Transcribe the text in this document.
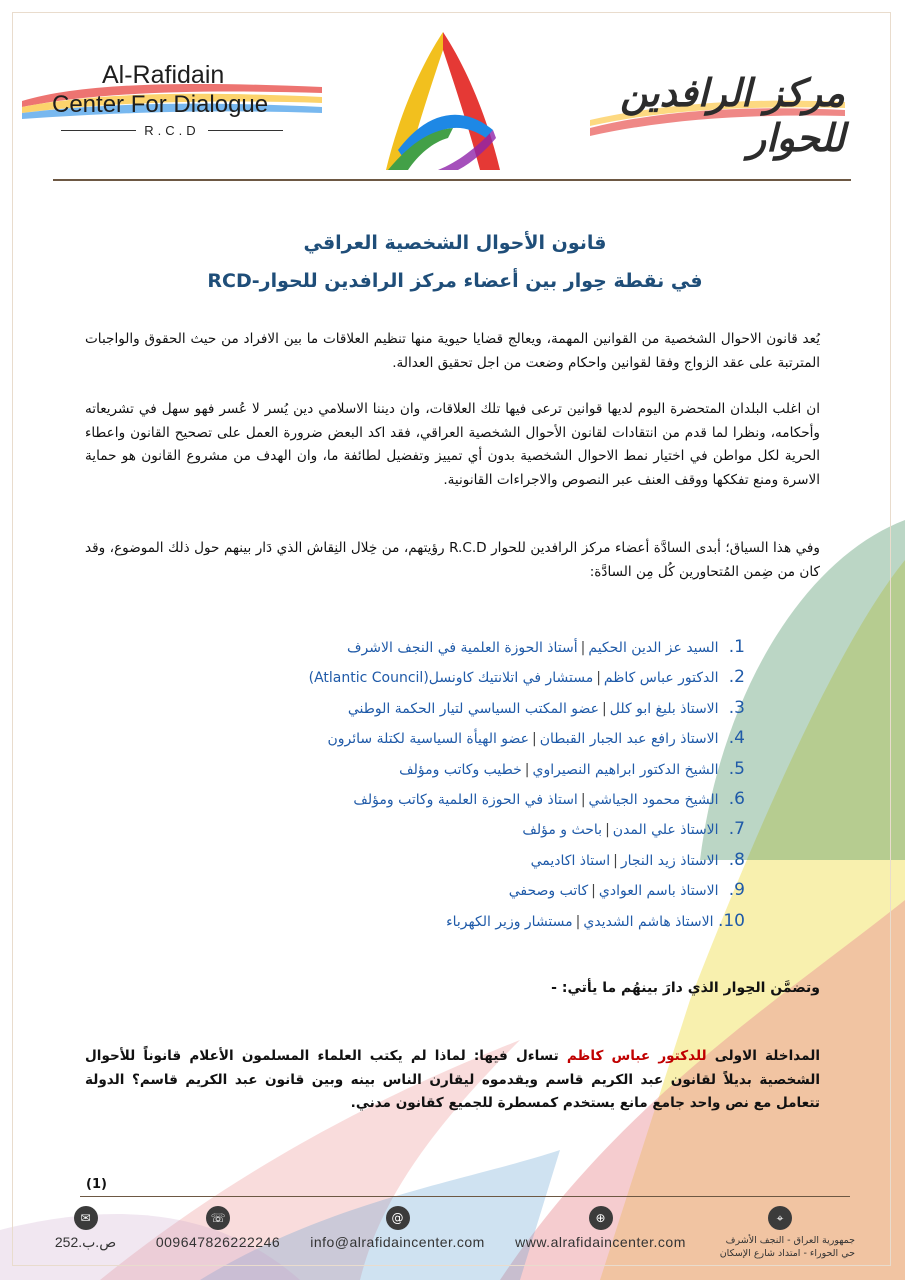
Al-Rafidain
Center For Dialogue
R.C.D
مركز الرافدين للحوار
قانون الأحوال الشخصية العراقي
في نقطة حِوار بين أعضاء مركز الرافدين للحوار-RCD
يُعد قانون الاحوال الشخصية من القوانين المهمة، ويعالج قضايا حيوية منها تنظيم العلاقات ما بين الافراد من حيث الحقوق والواجبات المترتبة على عقد الزواج وفقا لقوانين واحكام وضعت من اجل تحقيق العدالة.
ان اغلب البلدان المتحضرة اليوم لديها قوانين ترعى فيها تلك العلاقات، وان ديننا الاسلامي دين يُسر لا عُسر فهو سهل في تشريعاته وأحكامه، ونظرا لما قدم من انتقادات لقانون الأحوال الشخصية العراقي، فقد اكد البعض ضرورة العمل على تصحيح القانون واعطاء الحرية لكل مواطن في اختيار نمط الاحوال الشخصية بدون أي تمييز وتفضيل لطائفة ما، وان الهدف من مشروع القانون هو حماية الاسرة ومنع تفككها ووقف العنف عبر النصوص والاجراءات القانونية.
وفي هذا السياق؛ أبدى السادَّة أعضاء مركز الرافدين للحوار R.C.D رؤيتهم، من خِلال النِقاش الذي دَار بينهم حول ذلك الموضوع، وقد كان من ضِمن المُتحاورين كُل مِن السادَّة:
1. السيد عز الدين الحكيم|أستاذ الحوزة العلمية في النجف الاشرف
2. الدكتور عباس كاظم|مستشار في اتلانتيك كاونسل(Atlantic Council)
3. الاستاذ بليغ ابو كلل|عضو المكتب السياسي لتيار الحكمة الوطني
4. الاستاذ رافع عبد الجبار القبطان|عضو الهيأة السياسية لكتلة سائرون
5. الشيخ الدكتور ابراهيم النصيراوي|خطيب وكاتب ومؤلف
6. الشيخ محمود الجياشي|استاذ في الحوزة العلمية وكاتب ومؤلف
7. الاستاذ علي المدن|باحث و مؤلف
8. الاستاذ زيد النجار|استاذ اكاديمي
9. الاستاذ باسم العوادي|كاتب وصحفي
10. الاستاذ هاشم الشديدي|مستشار وزير الكهرباء
وتضمَّن الحِوار الذي دارَ بينهُم ما يأتي: -
المداخلة الاولى للدكتور عباس كاظم تساءل فيها: لماذا لم يكتب العلماء المسلمون الأعلام قانوناً للأحوال الشخصية بديلاً لقانون عبد الكريم قاسم ويقدموه ليقارن الناس بينه وبين قانون عبد الكريم قاسم؟ الدولة تتعامل مع نص واحد جامع مانع يستخدم كمسطرة للجميع كقانون مدني.
(1)
✉
ص.ب.252
☏
009647826222246
@
info@alrafidaincenter.com
⊕
www.alrafidaincenter.com
⌖
جمهورية العراق - النجف الأشرف
حي الحوراء - امتداد شارع الإسكان
